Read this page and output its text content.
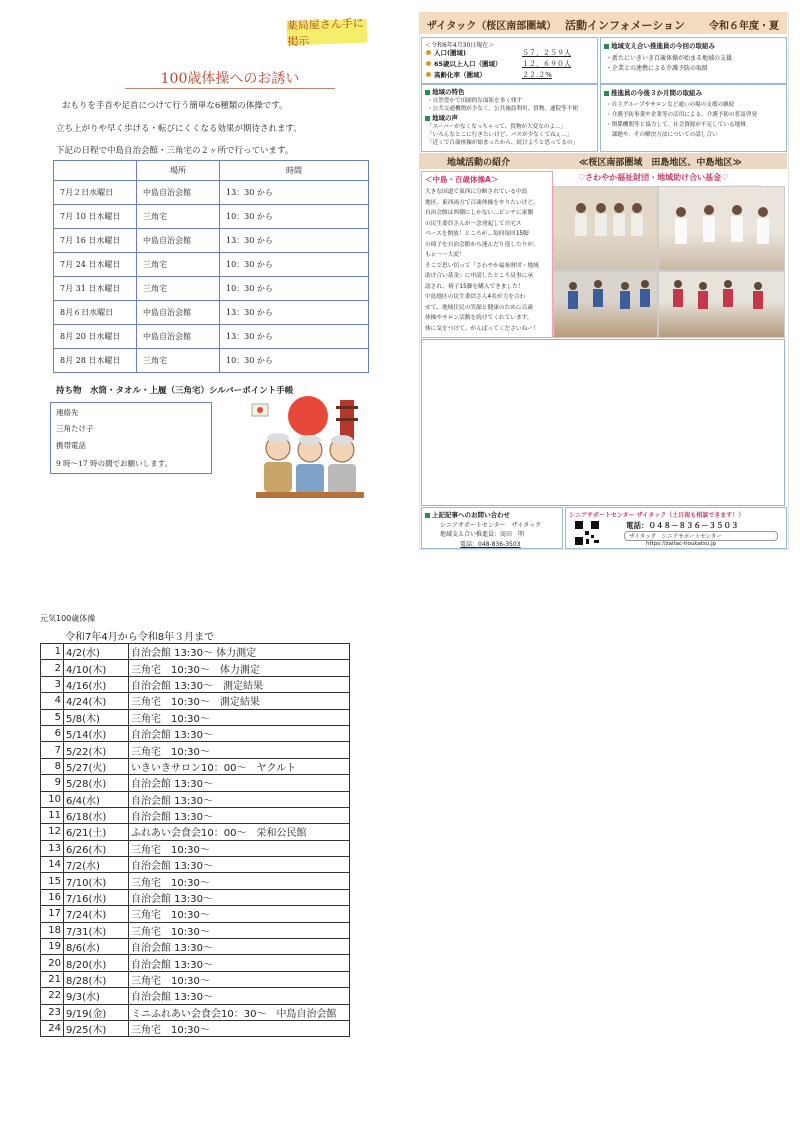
薬局屋さん手に掲示
100歳体操へのお誘い
おもりを手首や足首につけて行う簡単な6種類の体操です。
立ち上がりや早く歩ける・転びにくくなる効果が期待されます。
下記の日程で中島自治会館・三角宅の２ヶ所で行っています。
	場所	時間
7月２日水曜日	中島自治会館	13：30 から
7月 10 日木曜日	三角宅	10：30 から
7月 16 日水曜日	中島自治会館	13：30 から
7月 24 日木曜日	三角宅	10：30 から
7月 31 日木曜日	三角宅	10：30 から
8月６日水曜日	中島自治会館	13：30 から
8月 20 日水曜日	中島自治会館	13：30 から
8月 28 日木曜日	三角宅	10：30 から
持ち物　水筒・タオル・上履（三角宅）シルバーポイント手帳
連絡先
三角たけ子
携帯電話
9 時～17 時の間でお願いします。
ザイタック（桜区南部圏域） 活動インフォメーション 令和６年度・夏
＜令和6年4月30日現在＞
人口(圏域)	５７，２５９人
65歳以上人口（圏域）	１２，６９０人
高齢化率（圏域）	２２.２%
地域支え合い推進員の今回の取組み
・新たにいきいき百歳体操が始まる地域の支援
・企業との連携による介護予防の取組
地域の特色
・自然豊かで田園的な面影を多く残す
・公共交通機関が少なく、公共施設利用、買物、通院等不便
地域の声
「スーパーがなくなっちゃって、買物が大変なのよ…」
「いろんなとこに行きたいけど、バスが少なくてねぇ…」
「近くで百歳体操が始まったから、続けようと思ってるの」
推進員の今後３か月間の取組み
・自主グループやサロンなど通いの場の支援の継続
・介護予防事業や企業等の活用による、介護予防の普及啓発
・関係機関等と協力して、社会資源が不足している地域
　課題や、その解決方法についての話し合い
地域活動の紹介	≪桜区南部圏域　田島地区、中島地区≫
＜中島・百歳体操A＞
大きな国道で東西に分断されている中島
地区。東西両方で百歳体操をやりたいけど、
自治会館は西側にしかない…ピンチに東側
の民生委員さんが一念発起して自宅ス
ペースを開放！ところが…毎回毎回15脚
の椅子を自治会館から運んだり返したりが、
もぉ～～大変！
そこで思い切って「さわやか福祉財団・地域
助け合い基金」に申請したところ見事に承
認され、椅子15脚を購入できました！
中島地区の民生委員さん4名が力を合わ
せて、地域住民の笑顔と健康のために百歳
体操やサロン活動を続けてくれています。
体に気をつけて、がんばってくださいねー！
♡さわやか福祉財団・地域助け合い基金♡
上記記事へのお問い合わせ
シニアサポートセンター　ザイタック
地域支え合い推進員：髙田　明
電話：048-836-3503
シニアサポートセンター ザイタック（土日祝も相談できます！）
電話：０４８－８３６－３５０３
ザイタック　シニアサポートセンター
https://zaitac-houkatsu.jp
元気100歳体操
令和7年4月から令和8年３月まで
1	4/2(水)	自治会館 13:30～ 体力測定
2	4/10(木)	三角宅　10:30～　体力測定
3	4/16(水)	自治会館 13:30～　測定結果
4	4/24(木)	三角宅　10:30～　測定結果
5	5/8(木)	三角宅　10:30～
6	5/14(水)	自治会館 13:30～
7	5/22(木)	三角宅　10:30～
8	5/27(火)	いきいきサロン10：00～　ヤクルト
9	5/28(水)	自治会館 13:30～
10	6/4(水)	自治会館 13:30～
11	6/18(水)	自治会館 13:30～
12	6/21(土)	ふれあい会食会10：00～　栄和公民館
13	6/26(木)	三角宅　10:30～
14	7/2(水)	自治会館 13:30～
15	7/10(木)	三角宅　10:30～
16	7/16(水)	自治会館 13:30～
17	7/24(木)	三角宅　10:30～
18	7/31(木)	三角宅　10:30～
19	8/6(水)	自治会館 13:30～
20	8/20(水)	自治会館 13:30～
21	8/28(木)	三角宅　10:30～
22	9/3(水)	自治会館 13:30～
23	9/19(金)	ミニふれあい会食会10：30～　中島自治会館
24	9/25(木)	三角宅　10:30～
